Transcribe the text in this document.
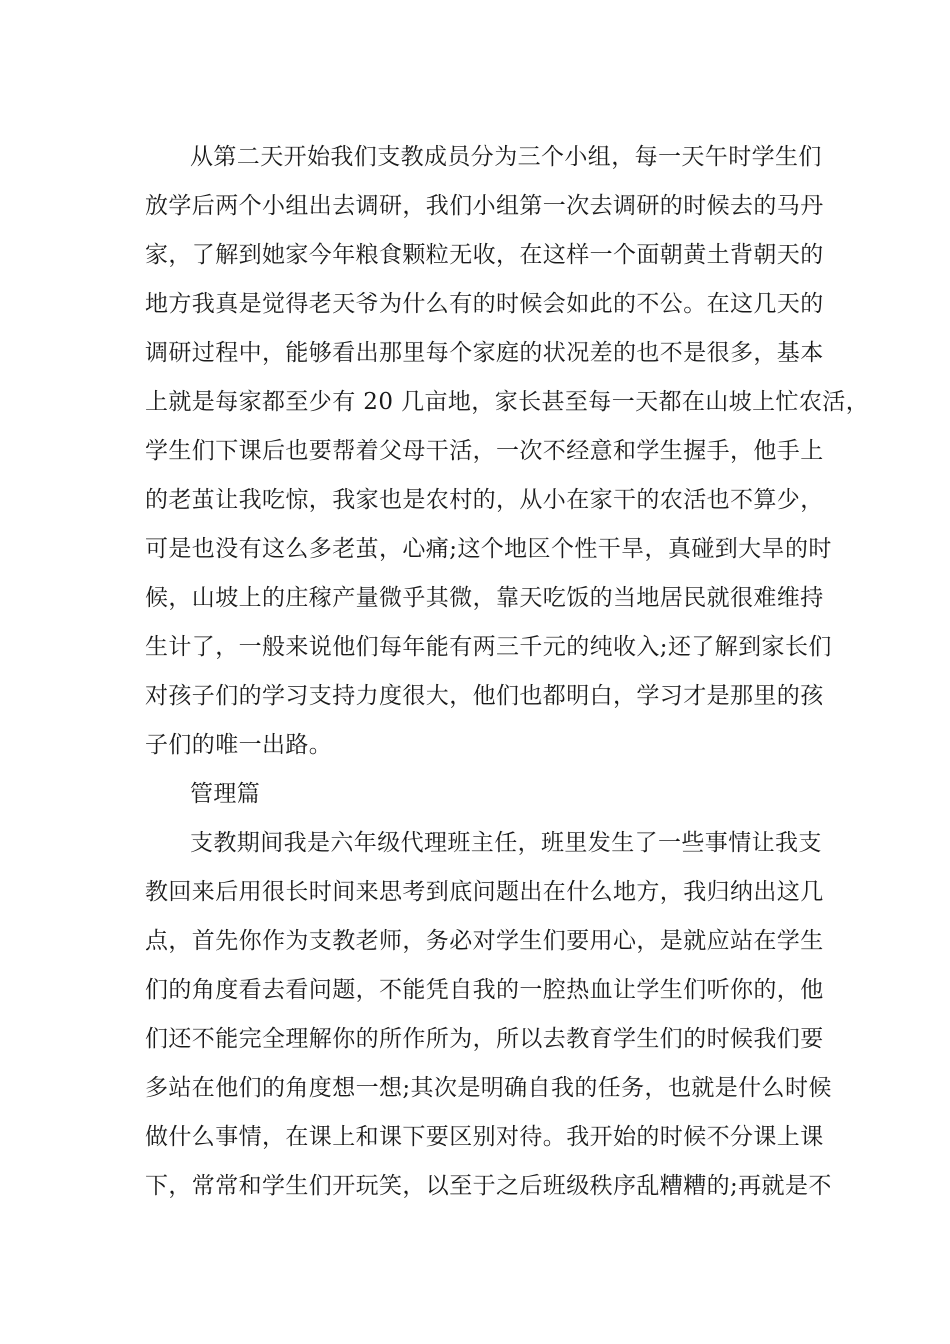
从第二天开始我们支教成员分为三个小组，每一天午时学生们
放学后两个小组出去调研，我们小组第一次去调研的时候去的马丹
家，了解到她家今年粮食颗粒无收，在这样一个面朝黄土背朝天的
地方我真是觉得老天爷为什么有的时候会如此的不公。在这几天的
调研过程中，能够看出那里每个家庭的状况差的也不是很多，基本
上就是每家都至少有 20 几亩地，家长甚至每一天都在山坡上忙农活，
学生们下课后也要帮着父母干活，一次不经意和学生握手，他手上
的老茧让我吃惊，我家也是农村的，从小在家干的农活也不算少，
可是也没有这么多老茧，心痛;这个地区个性干旱，真碰到大旱的时
候，山坡上的庄稼产量微乎其微，靠天吃饭的当地居民就很难维持
生计了，一般来说他们每年能有两三千元的纯收入;还了解到家长们
对孩子们的学习支持力度很大，他们也都明白，学习才是那里的孩
子们的唯一出路。
管理篇
支教期间我是六年级代理班主任，班里发生了一些事情让我支
教回来后用很长时间来思考到底问题出在什么地方，我归纳出这几
点，首先你作为支教老师，务必对学生们要用心，是就应站在学生
们的角度看去看问题，不能凭自我的一腔热血让学生们听你的，他
们还不能完全理解你的所作所为，所以去教育学生们的时候我们要
多站在他们的角度想一想;其次是明确自我的任务，也就是什么时候
做什么事情，在课上和课下要区别对待。我开始的时候不分课上课
下，常常和学生们开玩笑，以至于之后班级秩序乱糟糟的;再就是不
